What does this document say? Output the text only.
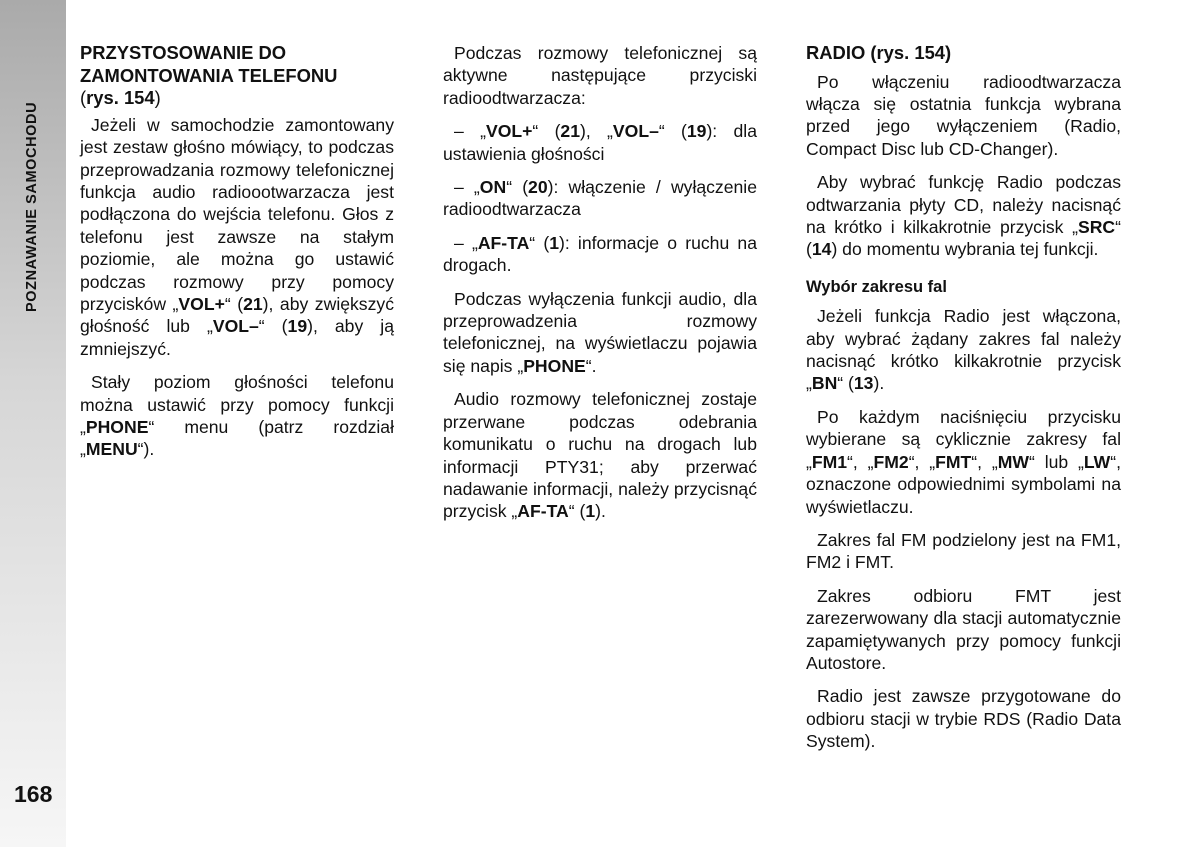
POZNAWANIE SAMOCHODU
168
PRZYSTOSOWANIE DO
ZAMONTOWANIA TELEFONU
(rys. 154)

Jeżeli w samochodzie zamontowany jest zestaw głośno mówiący, to podczas przeprowadzania rozmowy telefonicznej funkcja audio radioootwarzacza jest podłączona do wejścia telefonu. Głos z telefonu jest zawsze na stałym poziomie, ale można go ustawić podczas rozmowy przy pomocy przycisków „VOL+“ (21), aby zwiększyć głośność lub „VOL–“ (19), aby ją zmniejszyć.

Stały poziom głośności telefonu można ustawić przy pomocy funkcji „PHONE“ menu (patrz rozdział „MENU“).

Podczas rozmowy telefonicznej są aktywne następujące przyciski radioodtwarzacza:

– „VOL+“ (21), „VOL–“ (19): dla ustawienia głośności

– „ON“ (20): włączenie / wyłączenie radioodtwarzacza

– „AF-TA“ (1): informacje o ruchu na drogach.

Podczas wyłączenia funkcji audio, dla przeprowadzenia rozmowy telefonicznej, na wyświetlaczu pojawia się napis „PHONE“.

Audio rozmowy telefonicznej zostaje przerwane podczas odebrania komunikatu o ruchu na drogach lub informacji PTY31; aby przerwać nadawanie informacji, należy przycisnąć przycisk „AF-TA“ (1).

RADIO (rys. 154)

Po włączeniu radioodtwarzacza włącza się ostatnia funkcja wybrana przed jego wyłączeniem (Radio, Compact Disc lub CD-Changer).

Aby wybrać funkcję Radio podczas odtwarzania płyty CD, należy nacisnąć na krótko i kilkakrotnie przycisk „SRC“ (14) do momentu wybrania tej funkcji.

Wybór zakresu fal

Jeżeli funkcja Radio jest włączona, aby wybrać żądany zakres fal należy nacisnąć krótko kilkakrotnie przycisk „BN“ (13).

Po każdym naciśnięciu przycisku wybierane są cyklicznie zakresy fal „FM1“, „FM2“, „FMT“, „MW“ lub „LW“, oznaczone odpowiednimi symbolami na wyświetlaczu.

Zakres fal FM podzielony jest na FM1, FM2 i FMT.

Zakres odbioru FMT jest zarezerwowany dla stacji automatycznie zapamiętywanych przy pomocy funkcji Autostore.

Radio jest zawsze przygotowane do odbioru stacji w trybie RDS (Radio Data System).
